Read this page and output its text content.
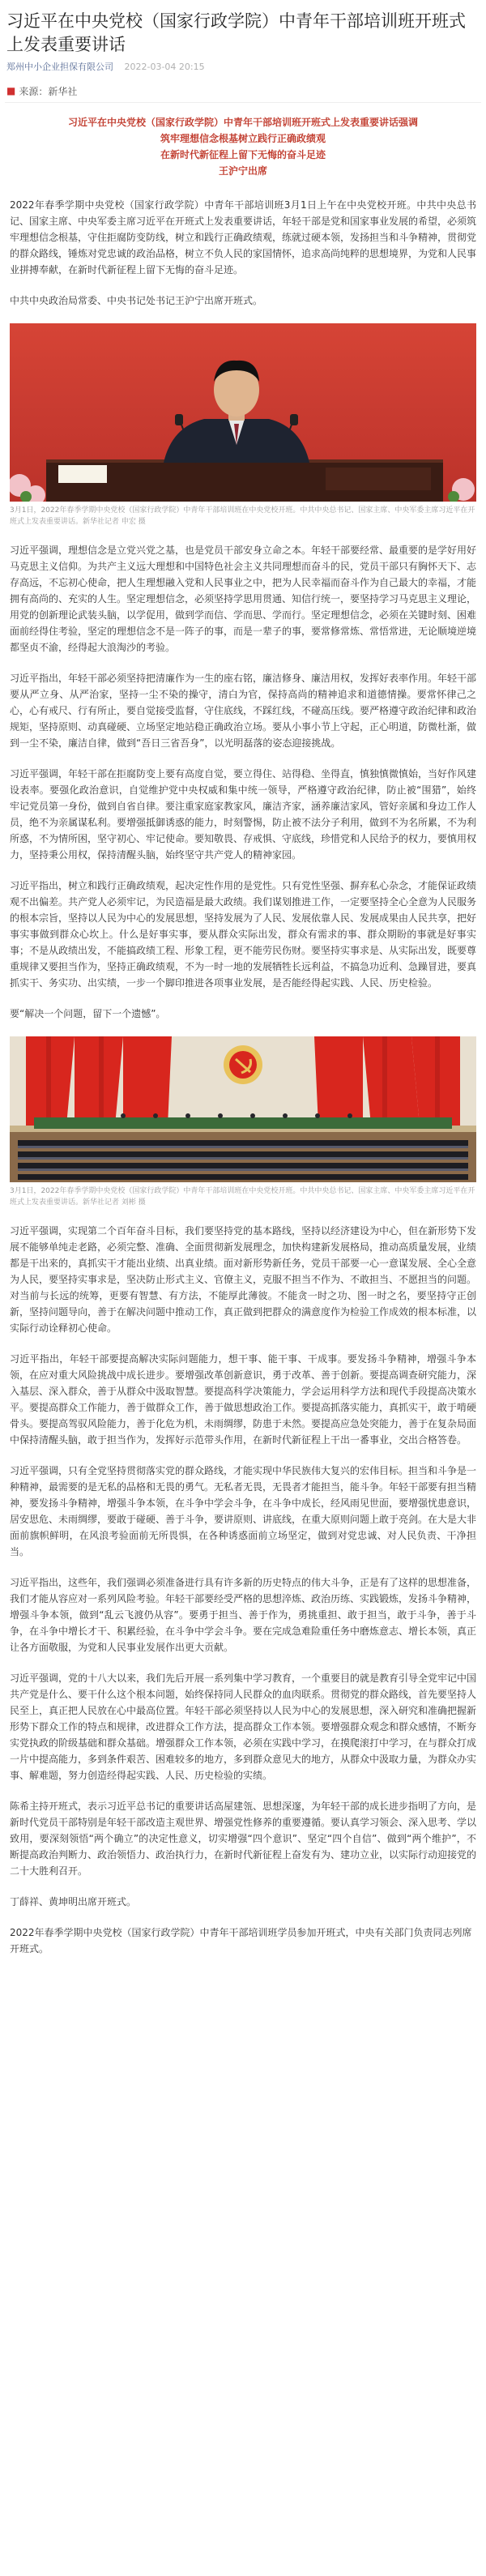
习近平在中央党校（国家行政学院）中青年干部培训班开班式上发表重要讲话
郑州中小企业担保有限公司 2022-03-04 20:15
■ 来源：新华社

习近平在中央党校（国家行政学院）中青年干部培训班开班式上发表重要讲话强调

筑牢理想信念根基树立践行正确政绩观

在新时代新征程上留下无悔的奋斗足迹

王沪宁出席

2022年春季学期中央党校（国家行政学院）中青年干部培训班3月1日上午在中央党校开班。中共中央总书记、国家主席、中央军委主席习近平在开班式上发表重要讲话，年轻干部是党和国家事业发展的希望，必须筑牢理想信念根基，守住拒腐防变防线，树立和践行正确政绩观，练就过硬本领，发扬担当和斗争精神，贯彻党的群众路线，锤炼对党忠诚的政治品格，树立不负人民的家国情怀，追求高尚纯粹的思想境界，为党和人民事业拼搏奉献，在新时代新征程上留下无悔的奋斗足迹。

中共中央政治局常委、中央书记处书记王沪宁出席开班式。

3月1日，2022年春季学期中央党校（国家行政学院）中青年干部培训班在中央党校开班。中共中央总书记、国家主席、中央军委主席习近平在开班式上发表重要讲话。新华社记者 申宏 摄

习近平强调，理想信念是立党兴党之基，也是党员干部安身立命之本。年轻干部要经常、最重要的是学好用好马克思主义信仰。为共产主义远大理想和中国特色社会主义共同理想而奋斗的民，党员干部只有胸怀天下、志存高远，不忘初心使命，把人生理想融入党和人民事业之中，把为人民幸福而奋斗作为自己最大的幸福，才能拥有高尚的、充实的人生。坚定理想信念，必须坚持学思用贯通、知信行统一，要坚持学习马克思主义理论，用党的创新理论武装头脑，以学促用，做到学而信、学而思、学而行。坚定理想信念，必须在关键时刻、困难面前经得住考验，坚定的理想信念不是一阵子的事，而是一辈子的事，要常修常炼、常悟常进，无论顺境逆境都坚贞不渝，经得起大浪淘沙的考验。

习近平指出，年轻干部必须坚持把清廉作为一生的座右铭，廉洁修身、廉洁用权，发挥好表率作用。年轻干部要从严立身、从严治家，坚持一尘不染的操守，清白为官，保持高尚的精神追求和道德情操。要常怀律己之心，心有戒尺、行有所止，要自觉接受监督，守住底线，不踩红线，不碰高压线。要严格遵守政治纪律和政治规矩，坚持原则、动真碰硬、立场坚定地站稳正确政治立场。要从小事小节上守起，正心明道，防微杜渐，做到一尘不染，廉洁自律，做到“吾日三省吾身”，以光明磊落的姿态迎接挑战。

习近平强调，年轻干部在拒腐防变上要有高度自觉，要立得住、站得稳、坐得直，慎独慎微慎始，当好作风建设表率。要强化政治意识，自觉维护党中央权威和集中统一领导，严格遵守政治纪律，防止被“围猎”，始终牢记党员第一身份，做到自省自律。要注重家庭家教家风，廉洁齐家，涵养廉洁家风，管好亲属和身边工作人员，绝不为亲属谋私利。要增强抵御诱惑的能力，时刻警惕，防止被不法分子利用，做到不为名所累，不为利所惑，不为情所困，坚守初心、牢记使命。要知敬畏、存戒惧、守底线，珍惜党和人民给予的权力，要慎用权力，坚持秉公用权，保持清醒头脑，始终坚守共产党人的精神家园。

习近平指出，树立和践行正确政绩观，起决定性作用的是党性。只有党性坚强、摒弃私心杂念，才能保证政绩观不出偏差。共产党人必须牢记，为民造福是最大政绩。我们谋划推进工作，一定要坚持全心全意为人民服务的根本宗旨，坚持以人民为中心的发展思想，坚持发展为了人民、发展依靠人民、发展成果由人民共享，把好事实事做到群众心坎上。什么是好事实事，要从群众实际出发，群众有需求的事、群众期盼的事就是好事实事；不是从政绩出发，不能搞政绩工程、形象工程，更不能劳民伤财。要坚持实事求是、从实际出发，既要尊重规律又要担当作为，坚持正确政绩观，不为一时一地的发展牺牲长远利益，不搞急功近利、急躁冒进，要真抓实干、务实功、出实绩，一步一个脚印推进各项事业发展，是否能经得起实践、人民、历史检验。

要“解决一个问题，留下一个遗憾”。

3月1日，2022年春季学期中央党校（国家行政学院）中青年干部培训班在中央党校开班。中共中央总书记、国家主席、中央军委主席习近平在开班式上发表重要讲话。新华社记者 刘彬 摄

习近平强调，实现第二个百年奋斗目标，我们要坚持党的基本路线，坚持以经济建设为中心，但在新形势下发展不能够单纯走老路，必须完整、准确、全面贯彻新发展理念，加快构建新发展格局，推动高质量发展，业绩都是干出来的，真抓实干才能出业绩、出真业绩。面对新形势新任务，党员干部要一心一意谋发展、全心全意为人民，要坚持实事求是，坚决防止形式主义、官僚主义，克服不担当不作为、不敢担当、不愿担当的问题。对当前与长远的统筹，更要有智慧、有方法，不能厚此薄彼。不能贪一时之功、图一时之名，要坚持守正创新，坚持问题导向，善于在解决问题中推动工作，真正做到把群众的满意度作为检验工作成效的根本标准，以实际行动诠释初心使命。

习近平指出，年轻干部要提高解决实际问题能力，想干事、能干事、干成事。要发扬斗争精神，增强斗争本领，在应对重大风险挑战中成长进步。要增强改革创新意识，勇于改革、善于创新。要提高调查研究能力，深入基层、深入群众，善于从群众中汲取智慧。要提高科学决策能力，学会运用科学方法和现代手段提高决策水平。要提高群众工作能力，善于做群众工作，善于做思想政治工作。要提高抓落实能力，真抓实干，敢于啃硬骨头。要提高驾驭风险能力，善于化危为机，未雨绸缪，防患于未然。要提高应急处突能力，善于在复杂局面中保持清醒头脑，敢于担当作为，发挥好示范带头作用，在新时代新征程上干出一番事业，交出合格答卷。

习近平强调，只有全党坚持贯彻落实党的群众路线，才能实现中华民族伟大复兴的宏伟目标。担当和斗争是一种精神，最需要的是无私的品格和无畏的勇气。无私者无畏，无畏者才能担当，能斗争。年轻干部要有担当精神，要发扬斗争精神，增强斗争本领，在斗争中学会斗争，在斗争中成长，经风雨见世面，要增强忧患意识，居安思危、未雨绸缪，要敢于碰硬、善于斗争，要讲原则、讲底线，在重大原则问题上敢于亮剑。在大是大非面前旗帜鲜明，在风浪考验面前无所畏惧，在各种诱惑面前立场坚定，做到对党忠诚、对人民负责、干净担当。

习近平指出，这些年，我们强调必须准备进行具有许多新的历史特点的伟大斗争，正是有了这样的思想准备，我们才能从容应对一系列风险考验。年轻干部要经受严格的思想淬炼、政治历练、实践锻炼，发扬斗争精神，增强斗争本领，做到“乱云飞渡仍从容”。要勇于担当、善于作为，勇挑重担、敢于担当，敢于斗争，善于斗争，在斗争中增长才干、积累经验，在斗争中学会斗争。要在完成急难险重任务中磨炼意志、增长本领，真正让各方面敬服，为党和人民事业发展作出更大贡献。

习近平强调，党的十八大以来，我们先后开展一系列集中学习教育，一个重要目的就是教育引导全党牢记中国共产党是什么、要干什么这个根本问题，始终保持同人民群众的血肉联系。贯彻党的群众路线，首先要坚持人民至上，真正把人民放在心中最高位置。年轻干部必须坚持以人民为中心的发展思想，深入研究和准确把握新形势下群众工作的特点和规律，改进群众工作方法，提高群众工作本领。要增强群众观念和群众感情，不断夯实党执政的阶级基础和群众基础。增强群众工作本领，必须在实践中学习，在摸爬滚打中学习，在与群众打成一片中提高能力，多到条件艰苦、困难较多的地方，多到群众意见大的地方，从群众中汲取力量，为群众办实事、解难题，努力创造经得起实践、人民、历史检验的实绩。

陈希主持开班式，表示习近平总书记的重要讲话高屋建瓴、思想深邃，为年轻干部的成长进步指明了方向，是新时代党员干部特别是年轻干部改造主观世界、增强党性修养的重要遵循。要认真学习领会、深入思考、学以致用，要深刻领悟“两个确立”的决定性意义，切实增强“四个意识”、坚定“四个自信”、做到“两个维护”，不断提高政治判断力、政治领悟力、政治执行力，在新时代新征程上奋发有为、建功立业，以实际行动迎接党的二十大胜利召开。

丁薛祥、黄坤明出席开班式。

2022年春季学期中央党校（国家行政学院）中青年干部培训班学员参加开班式，中央有关部门负责同志列席开班式。
